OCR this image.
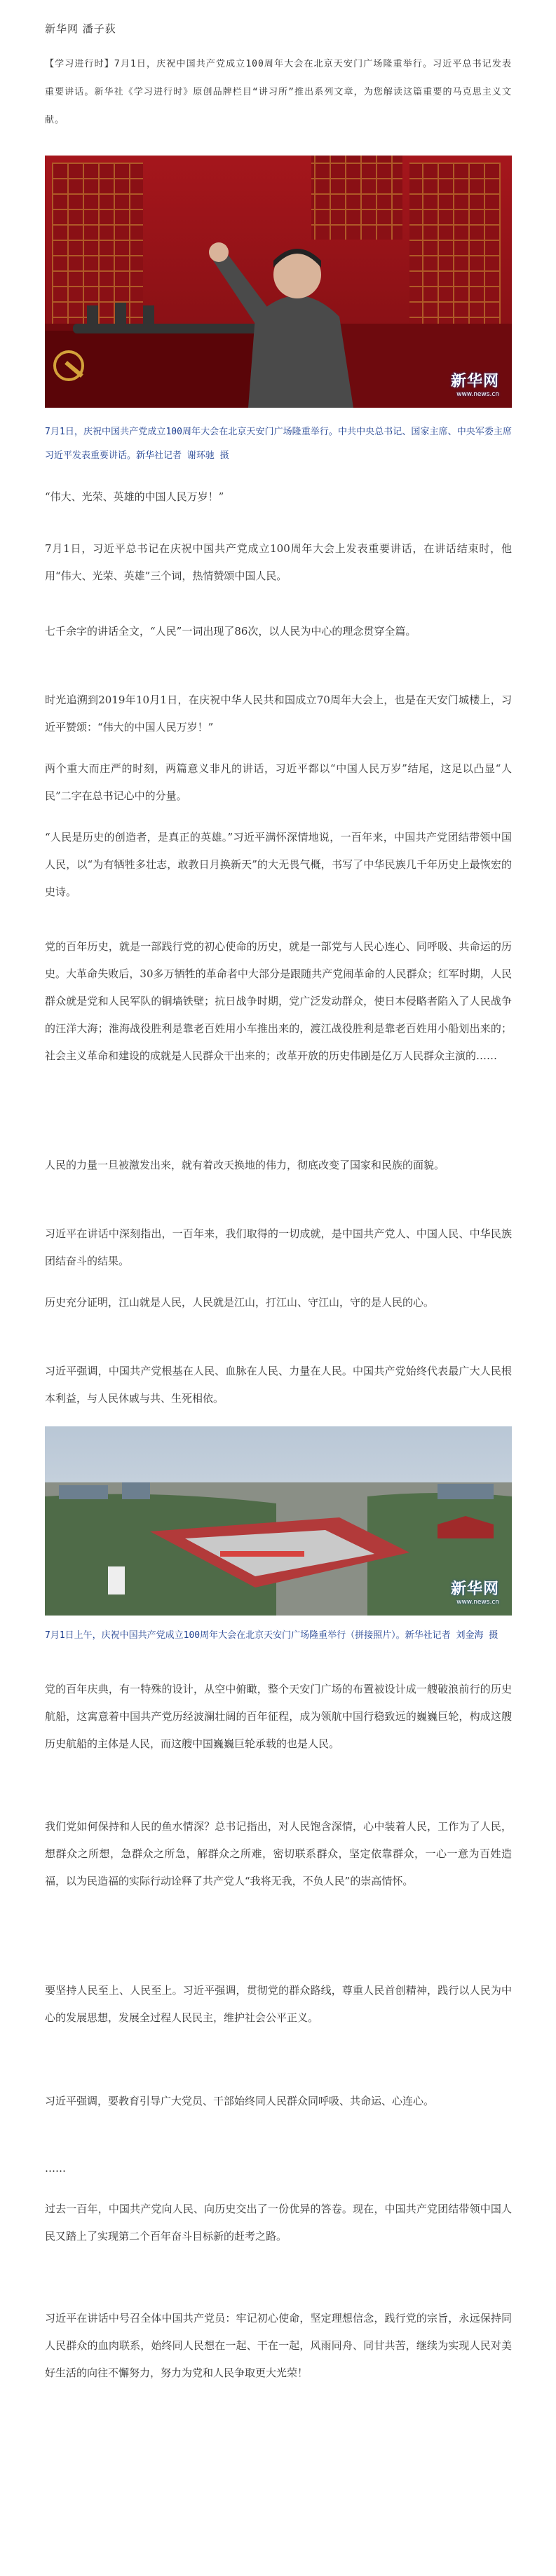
新华网 潘子荻

【学习进行时】7月1日，庆祝中国共产党成立100周年大会在北京天安门广场隆重举行。习近平总书记发表重要讲话。新华社《学习进行时》原创品牌栏目“讲习所”推出系列文章，为您解读这篇重要的马克思主义文献。

新华网
www.news.cn

7月1日，庆祝中国共产党成立100周年大会在北京天安门广场隆重举行。中共中央总书记、国家主席、中央军委主席习近平发表重要讲话。新华社记者 谢环驰 摄

“伟大、光荣、英雄的中国人民万岁！”

7月1日，习近平总书记在庆祝中国共产党成立100周年大会上发表重要讲话，在讲话结束时，他用“伟大、光荣、英雄”三个词，热情赞颂中国人民。

七千余字的讲话全文，“人民”一词出现了86次，以人民为中心的理念贯穿全篇。

时光追溯到2019年10月1日，在庆祝中华人民共和国成立70周年大会上，也是在天安门城楼上，习近平赞颂：“伟大的中国人民万岁！”

两个重大而庄严的时刻，两篇意义非凡的讲话，习近平都以“中国人民万岁”结尾，这足以凸显“人民”二字在总书记心中的分量。

“人民是历史的创造者，是真正的英雄。”习近平满怀深情地说，一百年来，中国共产党团结带领中国人民，以“为有牺牲多壮志，敢教日月换新天”的大无畏气概，书写了中华民族几千年历史上最恢宏的史诗。

党的百年历史，就是一部践行党的初心使命的历史，就是一部党与人民心连心、同呼吸、共命运的历史。大革命失败后，30多万牺牲的革命者中大部分是跟随共产党闹革命的人民群众；红军时期，人民群众就是党和人民军队的铜墙铁壁；抗日战争时期，党广泛发动群众，使日本侵略者陷入了人民战争的汪洋大海；淮海战役胜利是靠老百姓用小车推出来的，渡江战役胜利是靠老百姓用小船划出来的；社会主义革命和建设的成就是人民群众干出来的；改革开放的历史伟剧是亿万人民群众主演的……

人民的力量一旦被激发出来，就有着改天换地的伟力，彻底改变了国家和民族的面貌。

习近平在讲话中深刻指出，一百年来，我们取得的一切成就，是中国共产党人、中国人民、中华民族团结奋斗的结果。

历史充分证明，江山就是人民，人民就是江山，打江山、守江山，守的是人民的心。

习近平强调，中国共产党根基在人民、血脉在人民、力量在人民。中国共产党始终代表最广大人民根本利益，与人民休戚与共、生死相依。

新华网
www.news.cn

7月1日上午，庆祝中国共产党成立100周年大会在北京天安门广场隆重举行（拼接照片）。新华社记者 刘金海 摄

党的百年庆典，有一特殊的设计，从空中俯瞰，整个天安门广场的布置被设计成一艘破浪前行的历史航船，这寓意着中国共产党历经波澜壮阔的百年征程，成为领航中国行稳致远的巍巍巨轮，构成这艘历史航船的主体是人民，而这艘中国巍巍巨轮承载的也是人民。

我们党如何保持和人民的鱼水情深？总书记指出，对人民饱含深情，心中装着人民，工作为了人民，想群众之所想，急群众之所急，解群众之所难，密切联系群众，坚定依靠群众，一心一意为百姓造福，以为民造福的实际行动诠释了共产党人“我将无我，不负人民”的崇高情怀。

要坚持人民至上、人民至上。习近平强调，贯彻党的群众路线，尊重人民首创精神，践行以人民为中心的发展思想，发展全过程人民民主，维护社会公平正义。

习近平强调，要教育引导广大党员、干部始终同人民群众同呼吸、共命运、心连心。

……

过去一百年，中国共产党向人民、向历史交出了一份优异的答卷。现在，中国共产党团结带领中国人民又踏上了实现第二个百年奋斗目标新的赶考之路。

习近平在讲话中号召全体中国共产党员：牢记初心使命，坚定理想信念，践行党的宗旨，永远保持同人民群众的血肉联系，始终同人民想在一起、干在一起，风雨同舟、同甘共苦，继续为实现人民对美好生活的向往不懈努力，努力为党和人民争取更大光荣！
